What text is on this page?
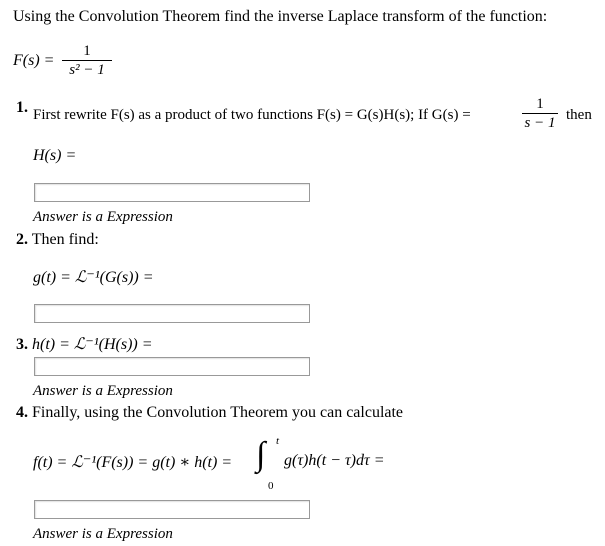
Using the Convolution Theorem find the inverse Laplace transform of the function:
F(s) =
1
s² − 1
1. First rewrite F(s) as a product of two functions F(s) = G(s)H(s); If G(s) =
1
s − 1 then
H(s) =
Answer is a Expression
2. Then find:
g(t) = ℒ⁻¹(G(s)) =
3. h(t) = ℒ⁻¹(H(s)) =
Answer is a Expression
4. Finally, using the Convolution Theorem you can calculate
f(t) = ℒ⁻¹(F(s)) = g(t) ∗ h(t) = ∫ t
0
g(τ)h(t − τ)dτ =
Answer is a Expression
